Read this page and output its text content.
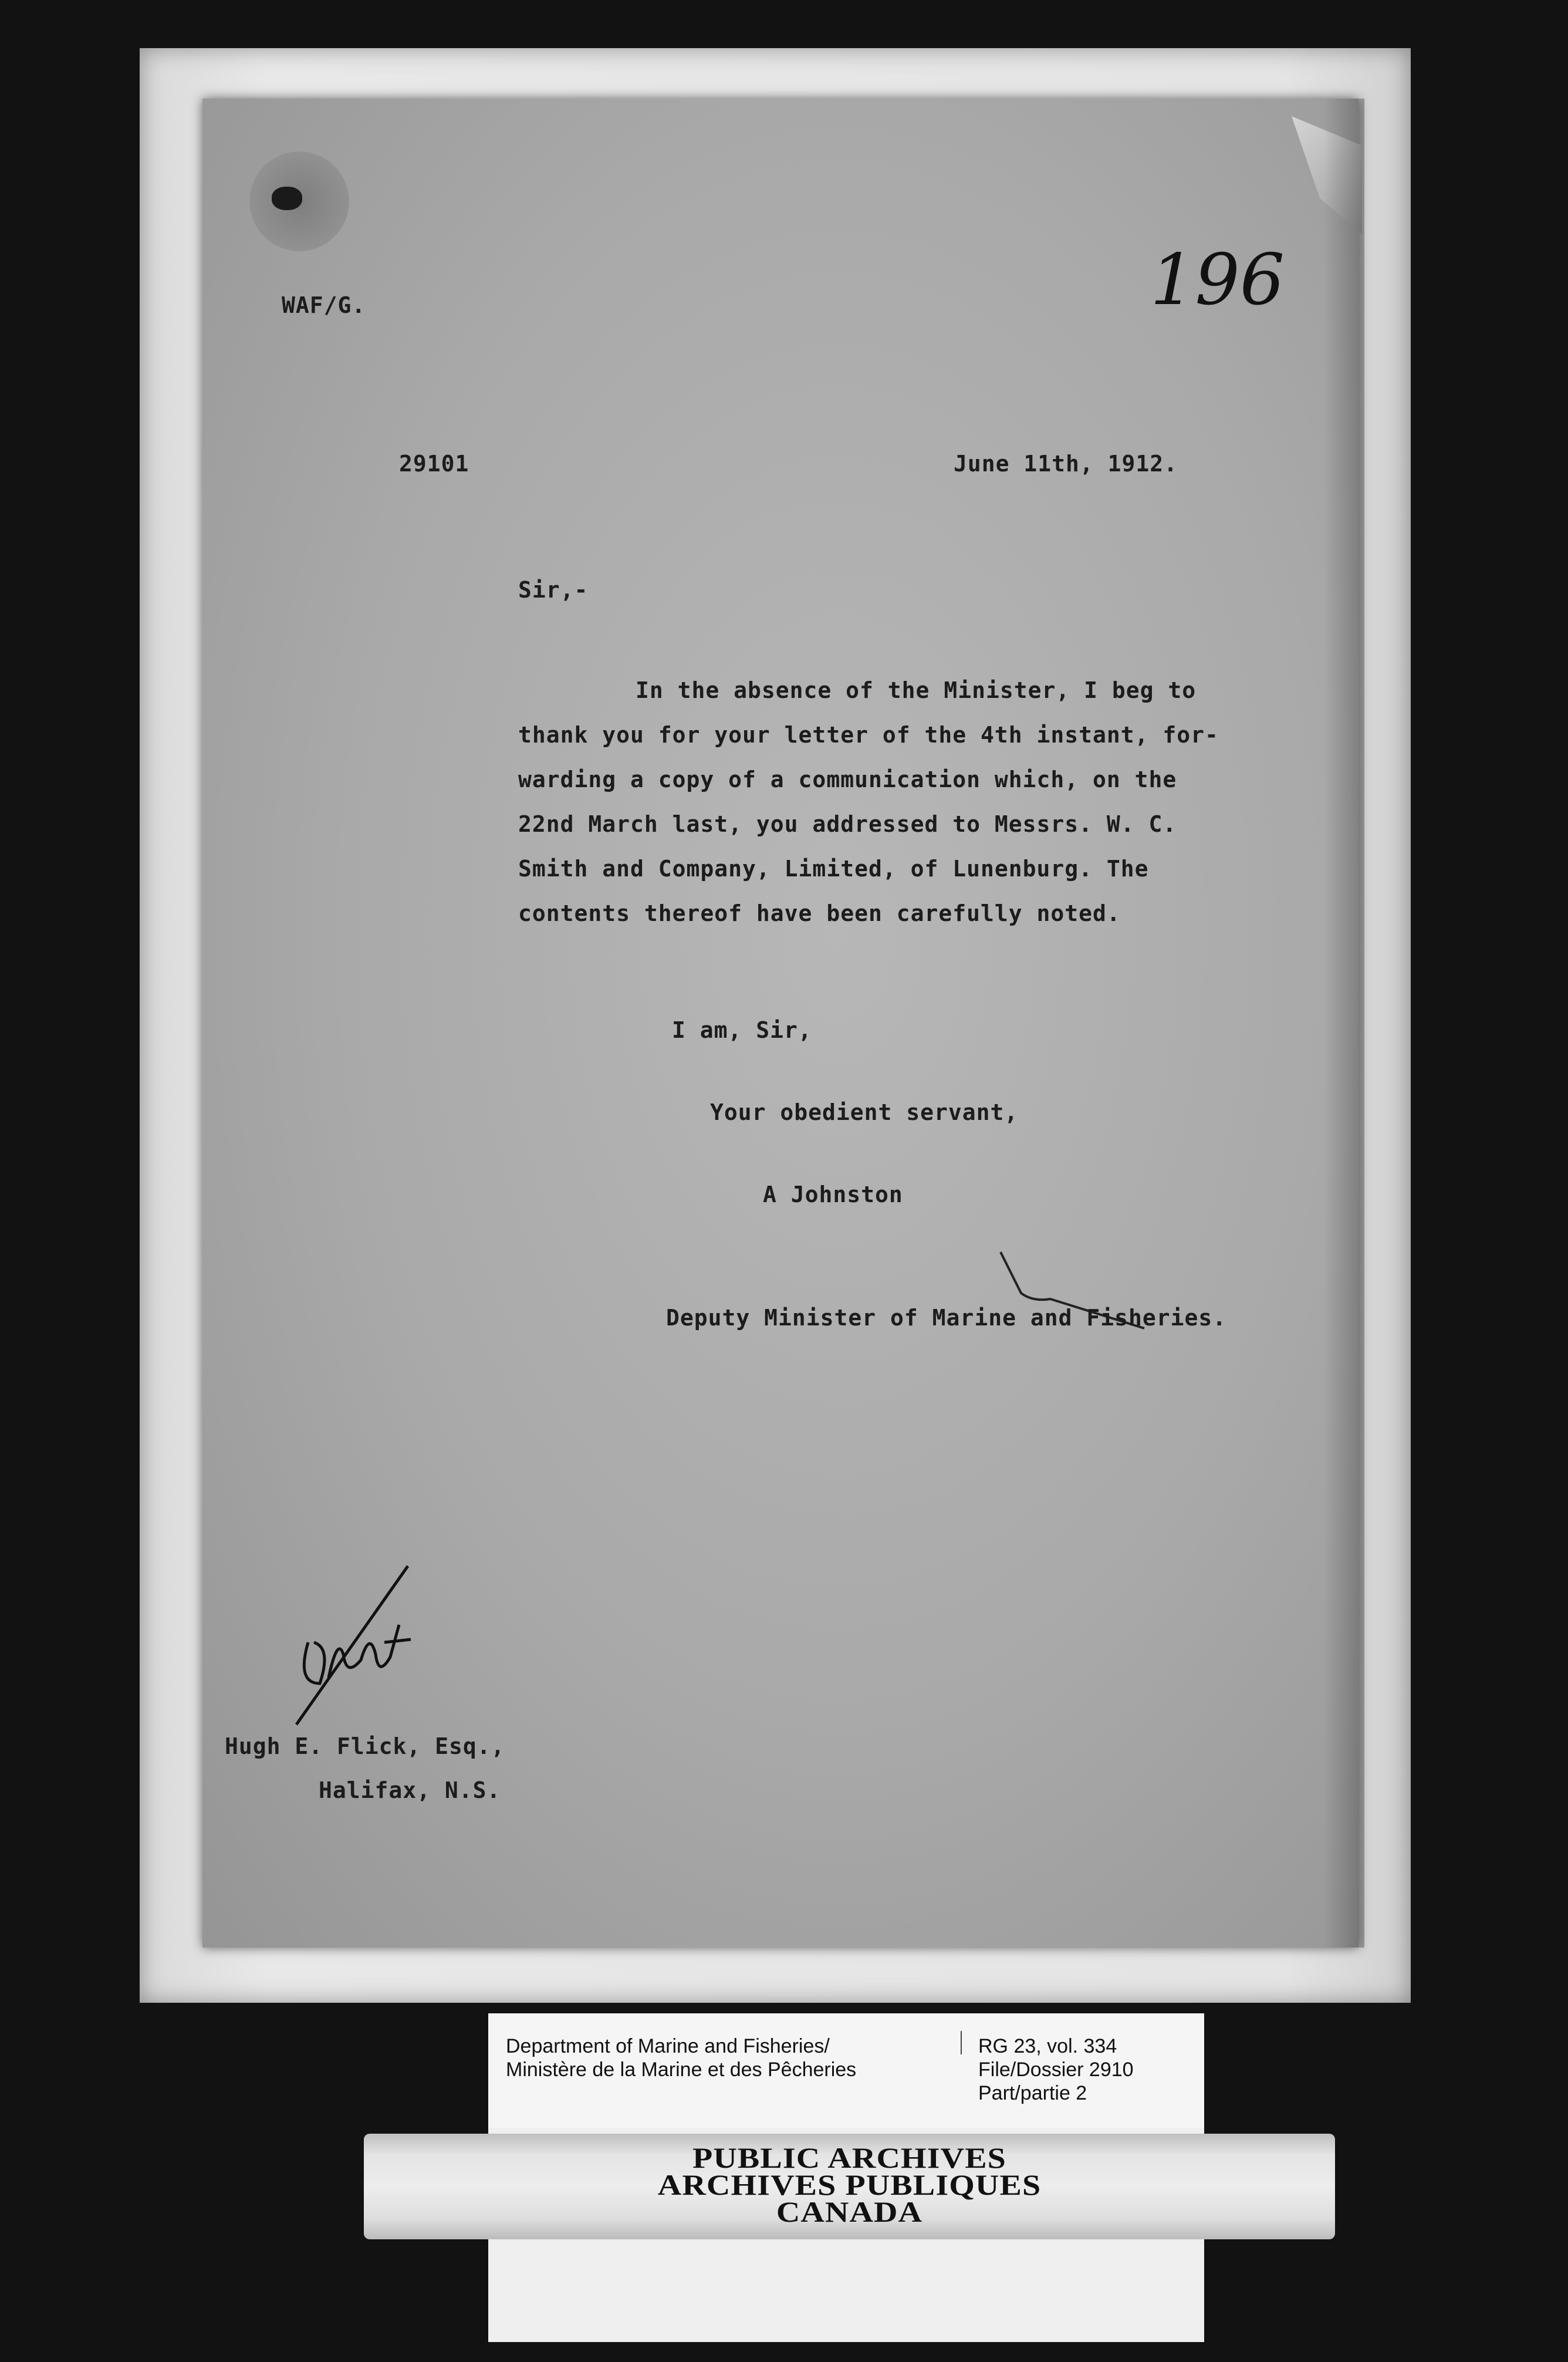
WAF/G.	196
29101	June 11th, 1912.
Sir,-
In the absence of the Minister, I beg to
thank you for your letter of the 4th instant, for-
warding a copy of a communication which, on the
22nd March last, you addressed to Messrs. W. C.
Smith and Company, Limited, of Lunenburg. The
contents thereof have been carefully noted.
I am, Sir,
Your obedient servant,
A Johnston
Deputy Minister of Marine and Fisheries.
Hugh E. Flick, Esq.,
Halifax, N.S.
Department of Marine and Fisheries/
Ministère de la Marine et des Pêcheries
RG 23, vol. 334
File/Dossier 2910
Part/partie 2
PUBLIC ARCHIVES
ARCHIVES PUBLIQUES
CANADA
